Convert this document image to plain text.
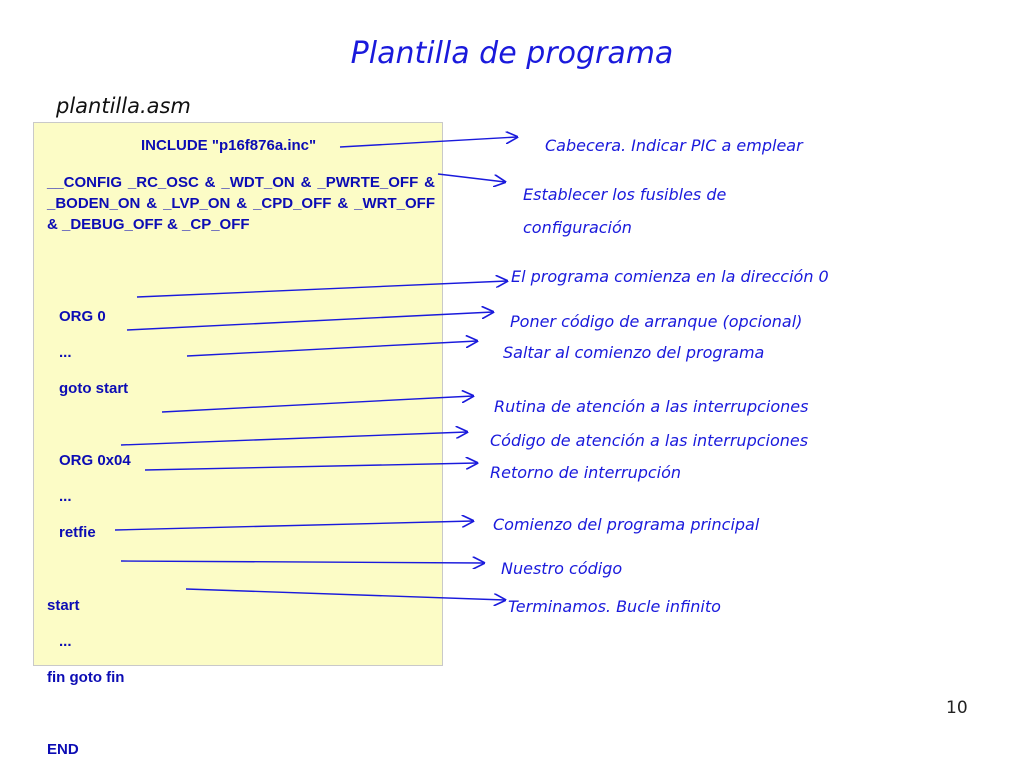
Plantilla de programa
plantilla.asm
INCLUDE "p16f876a.inc"
__CONFIG _RC_OSC & _WDT_ON & _PWRTE_OFF & _BODEN_ON & _LVP_ON & _CPD_OFF & _WRT_OFF & _DEBUG_OFF & _CP_OFF
ORG 0
...
goto start
ORG 0x04
...
retfie
start
...
fin goto fin
END
Cabecera. Indicar PIC a emplear
Establecer los fusibles de
configuración
El programa comienza en la dirección 0
Poner código de arranque (opcional)
Saltar al comienzo del programa
Rutina de atención a las interrupciones
Código de atención a las interrupciones
Retorno de interrupción
Comienzo del programa principal
Nuestro código
Terminamos. Bucle infinito
10
